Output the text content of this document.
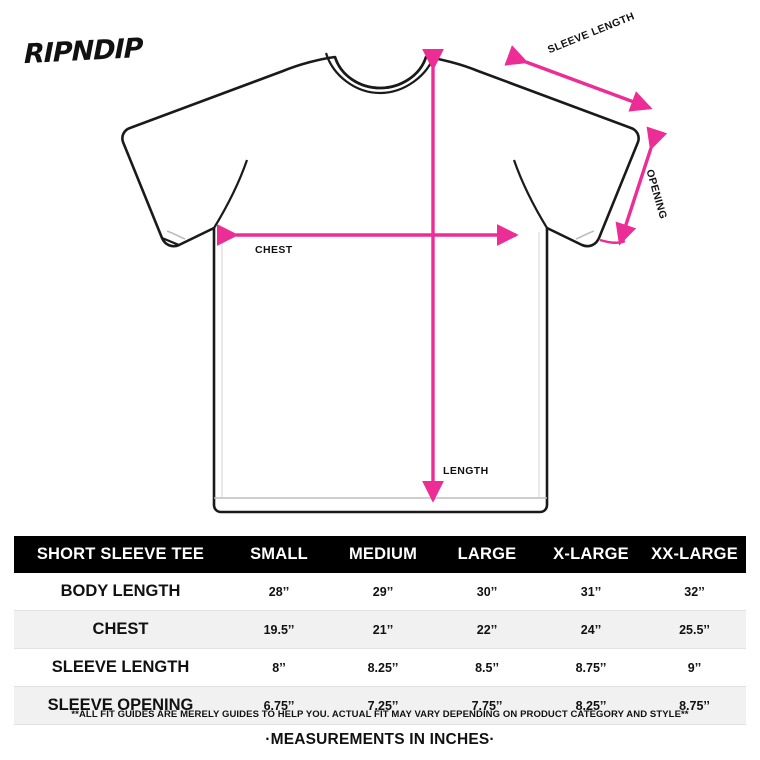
RIPNDIP
CHEST
LENGTH
SLEEVE LENGTH
OPENING
SHORT SLEEVE TEE	SMALL	MEDIUM	LARGE	X-LARGE	XX-LARGE
BODY LENGTH	28’’	29’’	30’’	31’’	32’’
CHEST	19.5’’	21’’	22’’	24’’	25.5’’
SLEEVE LENGTH	8’’	8.25’’	8.5’’	8.75’’	9’’
SLEEVE OPENING	6.75’’	7.25’’	7.75’’	8.25’’	8.75’’
**ALL FIT GUIDES ARE MERELY GUIDES TO HELP YOU. ACTUAL FIT MAY VARY DEPENDING ON PRODUCT CATEGORY AND STYLE**
·MEASUREMENTS IN INCHES·
